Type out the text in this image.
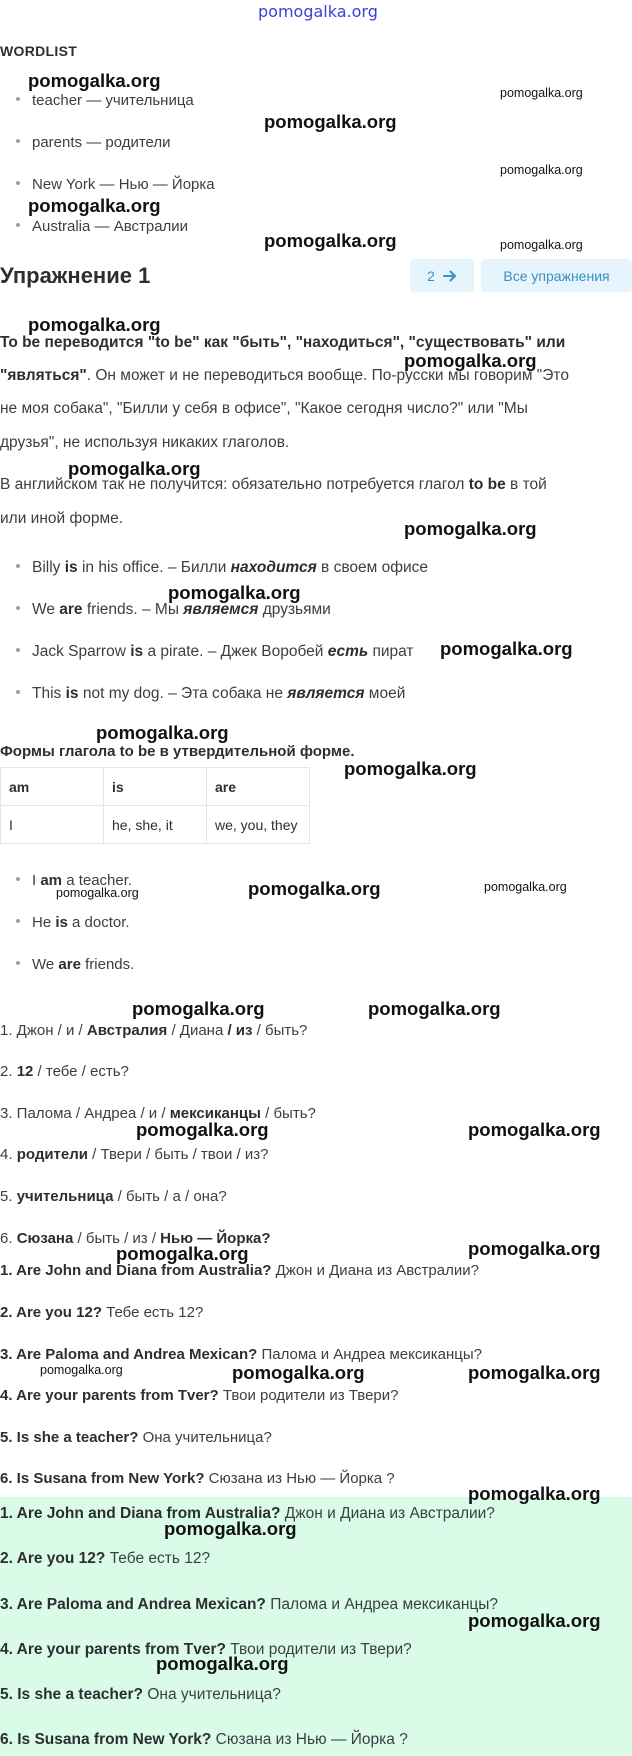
pomogalka.org
WORDLIST
teacher — учительница
parents — родители
New York — Нью — Йорка
Australia — Австралии
Упражнение 1	2	Все упражнения
To be переводится "to be" как "быть", "находиться", "существовать" или
"являться". Он может и не переводиться вообще. По-русски мы говорим "Это
не моя собака", "Билли у себя в офисе", "Какое сегодня число?" или "Мы
друзья", не используя никаких глаголов.
В английском так не получится: обязательно потребуется глагол to be в той
или иной форме.
Billy is in his office. – Билли находится в своем офисе
We are friends. – Мы являемся друзьями
Jack Sparrow is a pirate. – Джек Воробей есть пират
This is not my dog. – Эта собака не является моей
Формы глагола to be в утвердительной форме.
am	is	are
I	he, she, it	we, you, they
I am a teacher.
He is a doctor.
We are friends.
1. Джон / и / Австралия / Диана / из / быть?
2. 12 / тебе / есть?
3. Палома / Андреа / и / мексиканцы / быть?
4. родители / Твери / быть / твои / из?
5. учительница / быть / а / она?
6. Сюзана / быть / из / Нью — Йорка?
1. Are John and Diana from Australia? Джон и Диана из Австралии?
2. Are you 12? Тебе есть 12?
3. Are Paloma and Andrea Mexican? Палома и Андреа мексиканцы?
4. Are your parents from Tver? Твои родители из Твери?
5. Is she a teacher? Она учительница?
6. Is Susana from New York? Сюзана из Нью — Йорка ?
1. Are John and Diana from Australia? Джон и Диана из Австралии?
2. Are you 12? Тебе есть 12?
3. Are Paloma and Andrea Mexican? Палома и Андреа мексиканцы?
4. Are your parents from Tver? Твои родители из Твери?
5. Is she a teacher? Она учительница?
6. Is Susana from New York? Сюзана из Нью — Йорка ?
pomogalka.org
pomogalka.org
pomogalka.org
pomogalka.org
pomogalka.org
pomogalka.org	pomogalka.org
pomogalka.org
pomogalka.org
pomogalka.org
pomogalka.org
pomogalka.org
pomogalka.org
pomogalka.org
pomogalka.org
pomogalka.org	pomogalka.org	pomogalka.org
pomogalka.org	pomogalka.org
pomogalka.org	pomogalka.org
pomogalka.org	pomogalka.org
pomogalka.org	pomogalka.org	pomogalka.org
pomogalka.org
pomogalka.org
pomogalka.org
pomogalka.org
